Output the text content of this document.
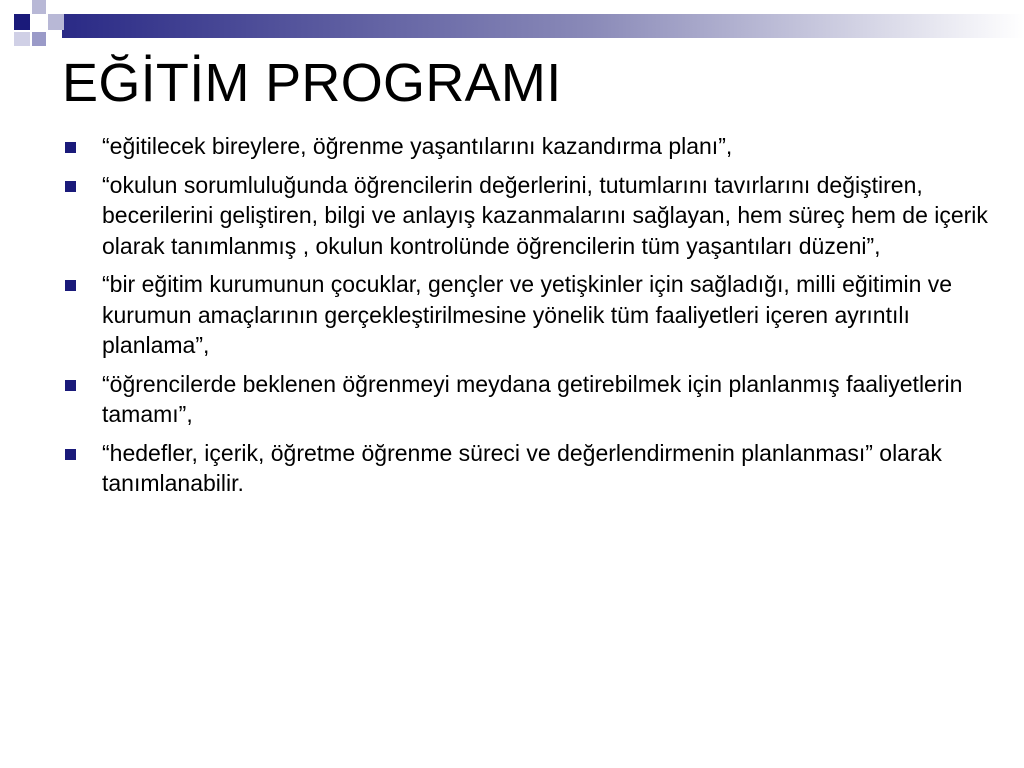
EĞİTİM PROGRAMI
“eğitilecek bireylere, öğrenme yaşantılarını kazandırma planı”,
“okulun sorumluluğunda öğrencilerin değerlerini, tutumlarını tavırlarını değiştiren, becerilerini geliştiren, bilgi ve anlayış kazanmalarını sağlayan, hem süreç hem de içerik olarak tanımlanmış , okulun kontrolünde öğrencilerin tüm yaşantıları düzeni”,
“bir eğitim kurumunun çocuklar, gençler ve yetişkinler için sağladığı, milli eğitimin ve kurumun amaçlarının gerçekleştirilmesine yönelik tüm faaliyetleri içeren ayrıntılı planlama”,
“öğrencilerde beklenen öğrenmeyi meydana getirebilmek için planlanmış faaliyetlerin tamamı”,
“hedefler, içerik, öğretme öğrenme süreci ve değerlendirmenin planlanması” olarak tanımlanabilir.
